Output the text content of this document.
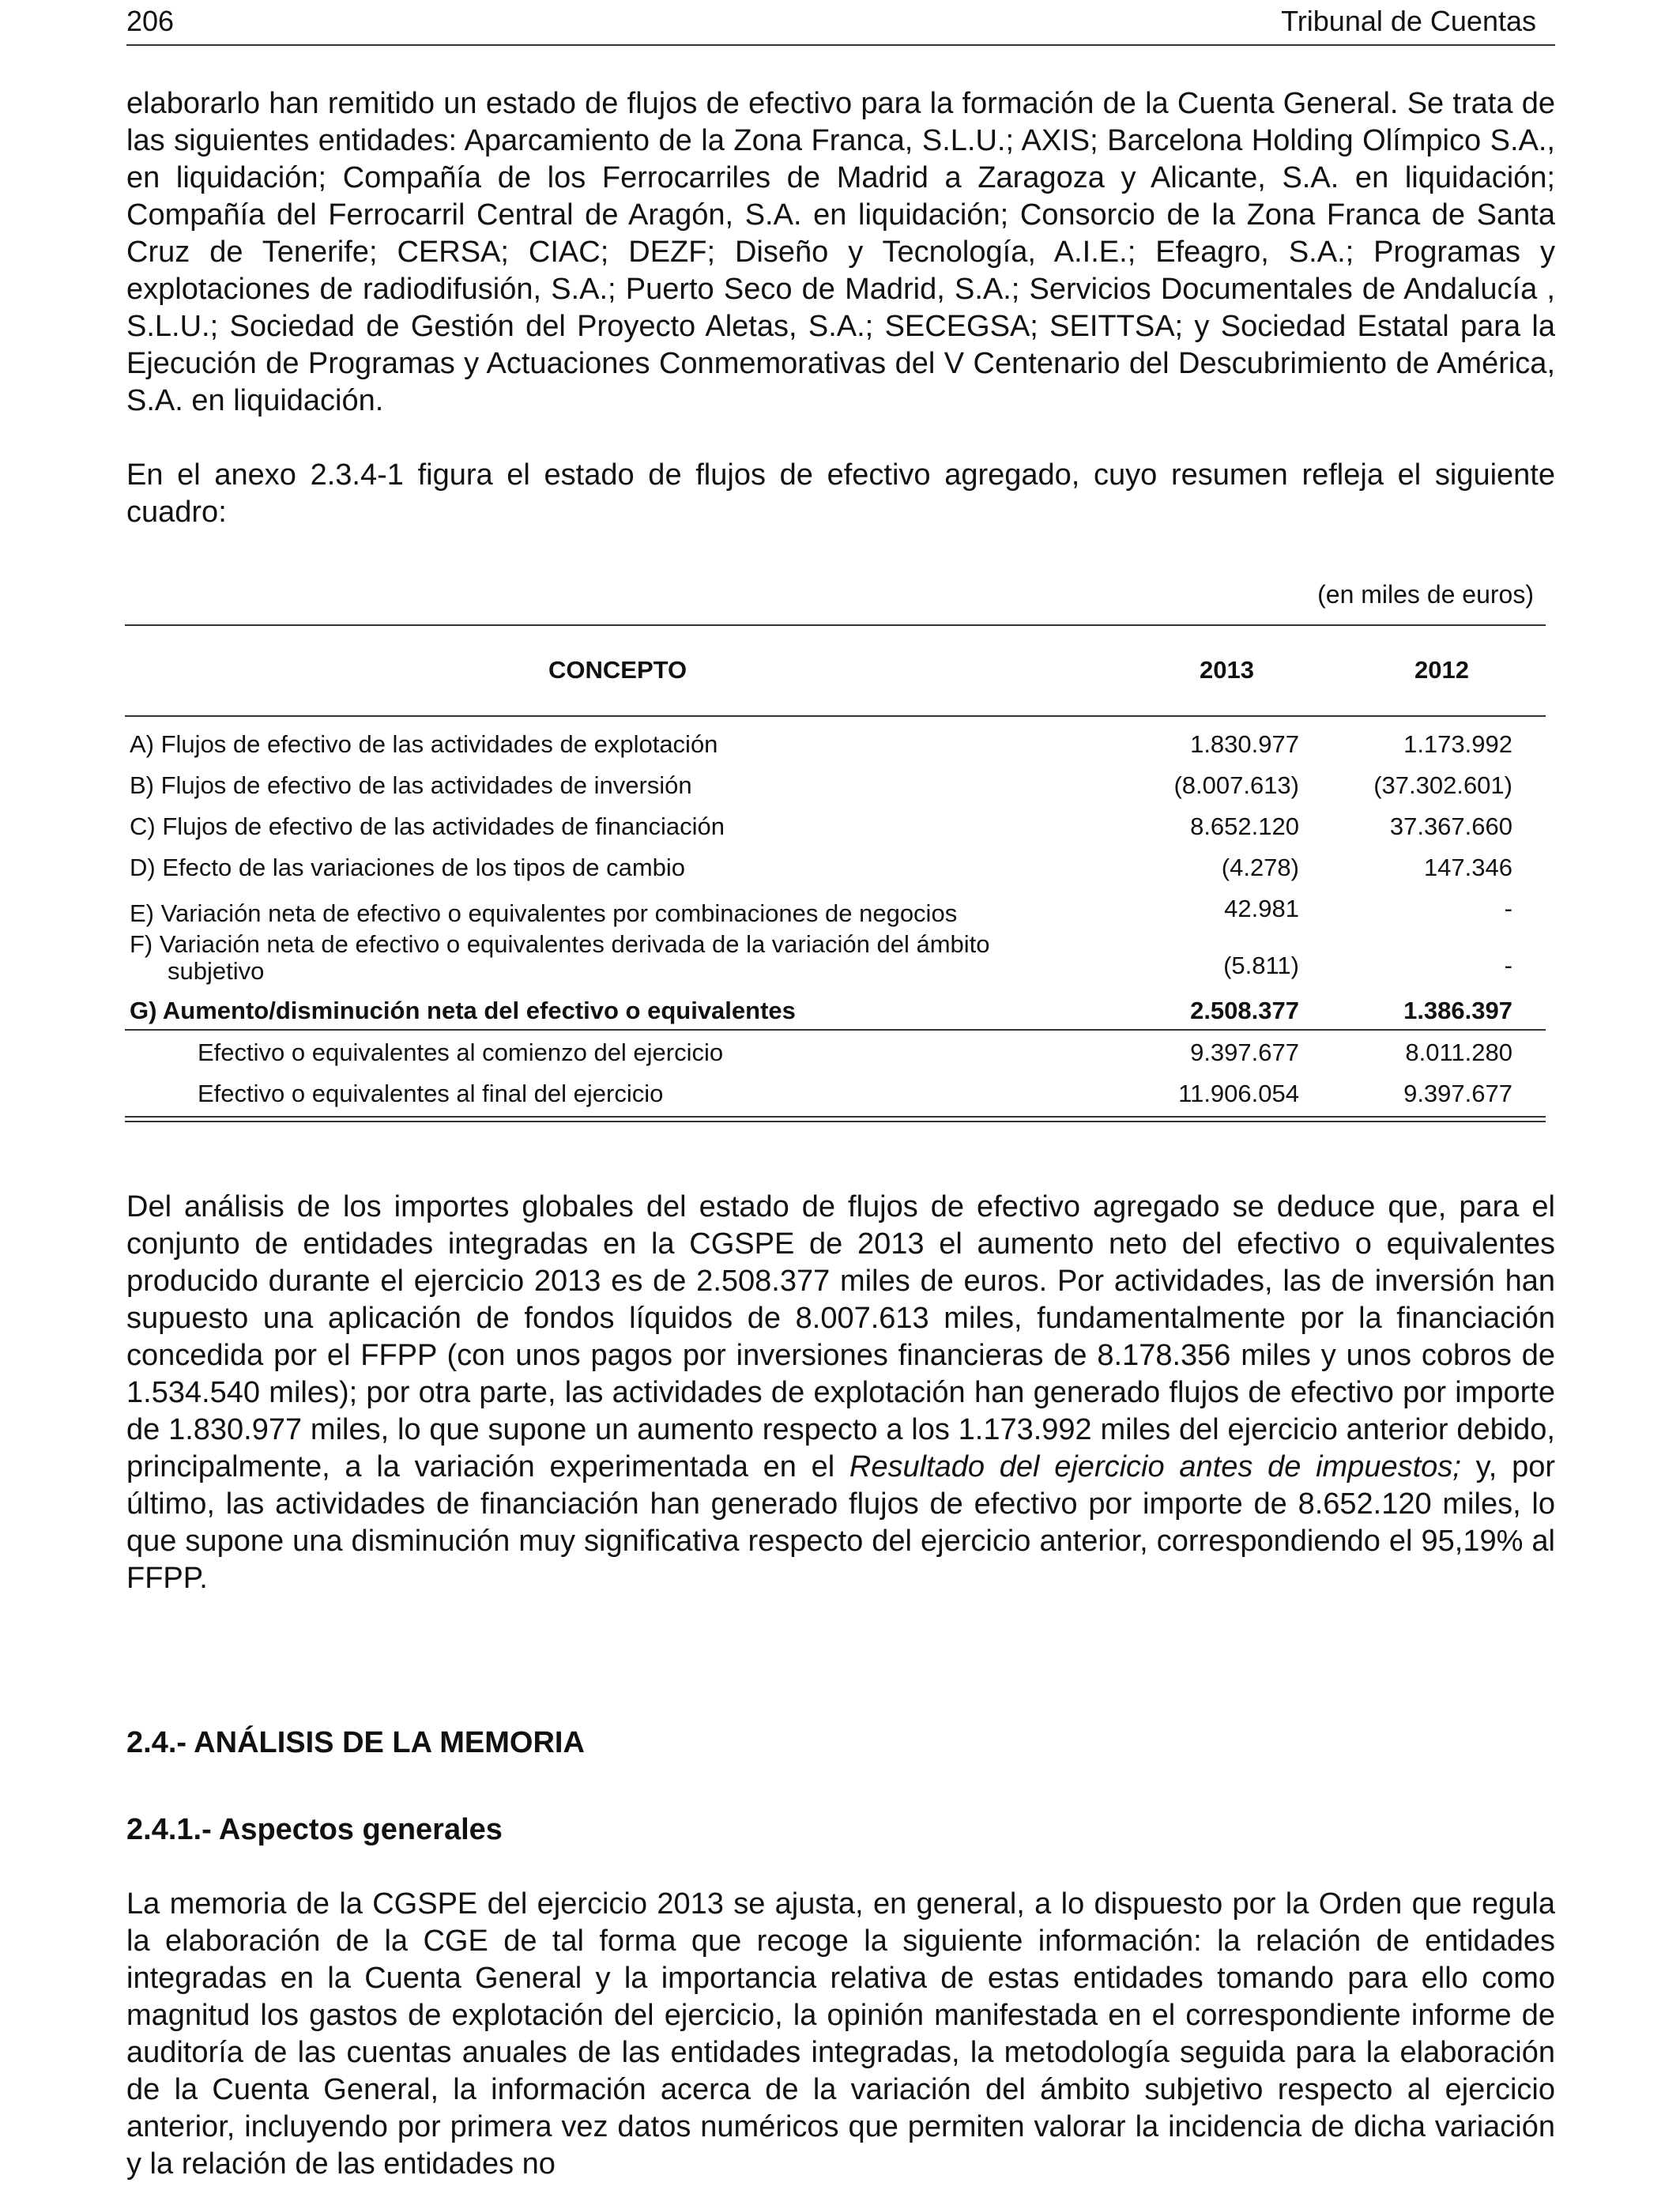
206	Tribunal de Cuentas

elaborarlo han remitido un estado de flujos de efectivo para la formación de la Cuenta General. Se trata de las siguientes entidades: Aparcamiento de la Zona Franca, S.L.U.; AXIS; Barcelona Holding Olímpico S.A., en liquidación; Compañía de los Ferrocarriles de Madrid a Zaragoza y Alicante, S.A. en liquidación; Compañía del Ferrocarril Central de Aragón, S.A. en liquidación; Consorcio de la Zona Franca de Santa Cruz de Tenerife; CERSA; CIAC; DEZF; Diseño y Tecnología, A.I.E.; Efeagro, S.A.; Programas y explotaciones de radiodifusión, S.A.; Puerto Seco de Madrid, S.A.; Servicios Documentales de Andalucía , S.L.U.; Sociedad de Gestión del Proyecto Aletas, S.A.; SECEGSA; SEITTSA; y Sociedad Estatal para la Ejecución de Programas y Actuaciones Conmemorativas del V Centenario del Descubrimiento de América, S.A. en liquidación.

En el anexo 2.3.4-1 figura el estado de flujos de efectivo agregado, cuyo resumen refleja el siguiente cuadro:

(en miles de euros)
CONCEPTO	2013	2012
A) Flujos de efectivo de las actividades de explotación	1.830.977	1.173.992
B) Flujos de efectivo de las actividades de inversión	(8.007.613)	(37.302.601)
C) Flujos de efectivo de las actividades de financiación	8.652.120	37.367.660
D) Efecto de las variaciones de los tipos de cambio	(4.278)	147.346
E) Variación neta de efectivo o equivalentes por combinaciones de negocios	42.981	-
F) Variación neta de efectivo o equivalentes derivada de la variación del ámbito
subjetivo	(5.811)	-
G) Aumento/disminución neta del efectivo o equivalentes	2.508.377	1.386.397
Efectivo o equivalentes al comienzo del ejercicio	9.397.677	8.011.280
Efectivo o equivalentes al final del ejercicio	11.906.054	9.397.677

Del análisis de los importes globales del estado de flujos de efectivo agregado se deduce que, para el conjunto de entidades integradas en la CGSPE de 2013 el aumento neto del efectivo o equivalentes producido durante el ejercicio 2013 es de 2.508.377 miles de euros. Por actividades, las de inversión han supuesto una aplicación de fondos líquidos de 8.007.613 miles, fundamentalmente por la financiación concedida por el FFPP (con unos pagos por inversiones financieras de 8.178.356 miles y unos cobros de 1.534.540 miles); por otra parte, las actividades de explotación han generado flujos de efectivo por importe de 1.830.977 miles, lo que supone un aumento respecto a los 1.173.992 miles del ejercicio anterior debido, principalmente, a la variación experimentada en el Resultado del ejercicio antes de impuestos; y, por último, las actividades de financiación han generado flujos de efectivo por importe de 8.652.120 miles, lo que supone una disminución muy significativa respecto del ejercicio anterior, correspondiendo el 95,19% al FFPP.

2.4.- ANÁLISIS DE LA MEMORIA
2.4.1.- Aspectos generales

La memoria de la CGSPE del ejercicio 2013 se ajusta, en general, a lo dispuesto por la Orden que regula la elaboración de la CGE de tal forma que recoge la siguiente información: la relación de entidades integradas en la Cuenta General y la importancia relativa de estas entidades tomando para ello como magnitud los gastos de explotación del ejercicio, la opinión manifestada en el correspondiente informe de auditoría de las cuentas anuales de las entidades integradas, la metodología seguida para la elaboración de la Cuenta General, la información acerca de la variación del ámbito subjetivo respecto al ejercicio anterior, incluyendo por primera vez datos numéricos que permiten valorar la incidencia de dicha variación y la relación de las entidades no
